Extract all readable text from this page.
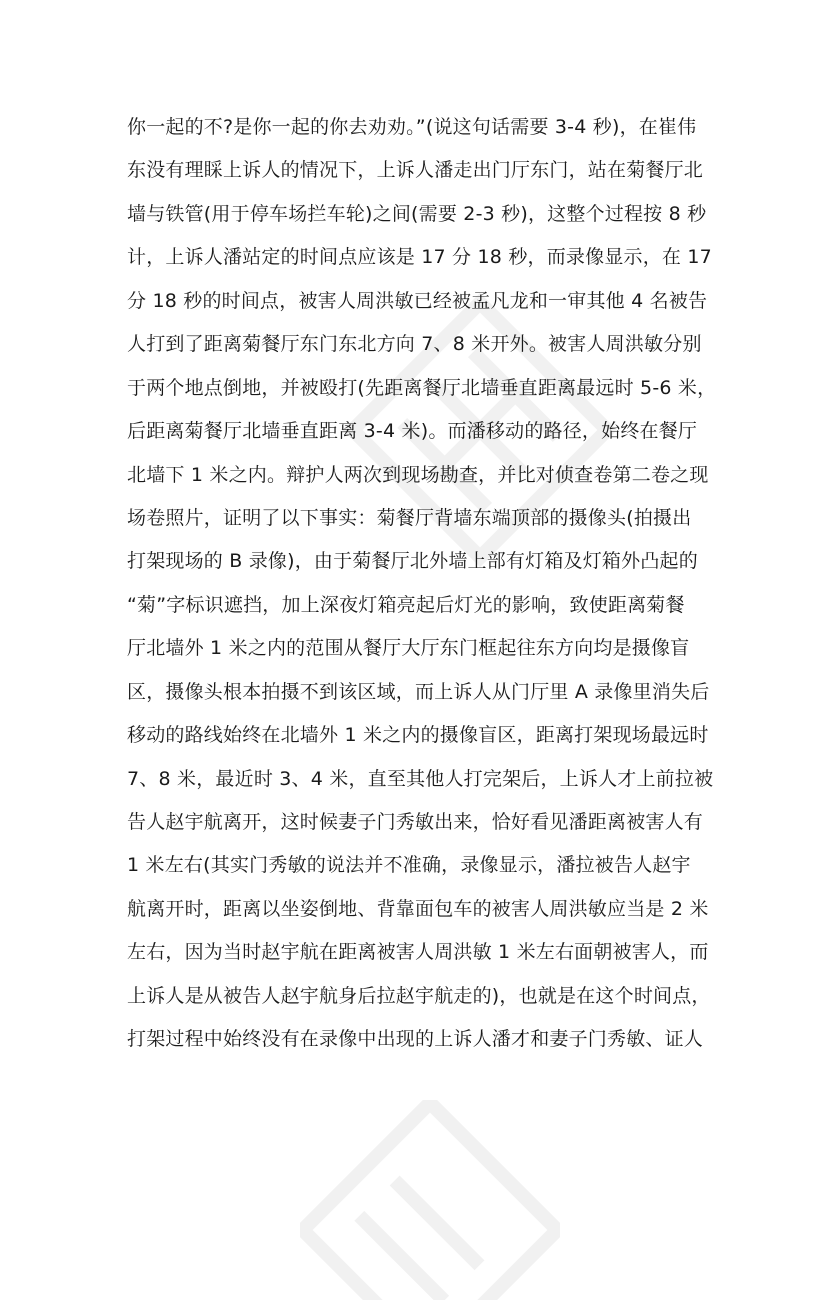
你一起的不?是你一起的你去劝劝。”(说这句话需要 3-4 秒)，在崔伟
东没有理睬上诉人的情况下，上诉人潘走出门厅东门，站在菊餐厅北
墙与铁管(用于停车场拦车轮)之间(需要 2-3 秒)，这整个过程按 8 秒
计，上诉人潘站定的时间点应该是 17 分 18 秒，而录像显示，在 17
分 18 秒的时间点，被害人周洪敏已经被孟凡龙和一审其他 4 名被告
人打到了距离菊餐厅东门东北方向 7、8 米开外。被害人周洪敏分别
于两个地点倒地，并被殴打(先距离餐厅北墙垂直距离最远时 5-6 米，
后距离菊餐厅北墙垂直距离 3-4 米)。而潘移动的路径，始终在餐厅
北墙下 1 米之内。辩护人两次到现场勘查，并比对侦查卷第二卷之现
场卷照片，证明了以下事实：菊餐厅背墙东端顶部的摄像头(拍摄出
打架现场的 B 录像)，由于菊餐厅北外墙上部有灯箱及灯箱外凸起的
“菊”字标识遮挡，加上深夜灯箱亮起后灯光的影响，致使距离菊餐
厅北墙外 1 米之内的范围从餐厅大厅东门框起往东方向均是摄像盲
区，摄像头根本拍摄不到该区域，而上诉人从门厅里 A 录像里消失后
移动的路线始终在北墙外 1 米之内的摄像盲区，距离打架现场最远时
7、8 米，最近时 3、4 米，直至其他人打完架后，上诉人才上前拉被
告人赵宇航离开，这时候妻子门秀敏出来，恰好看见潘距离被害人有
1 米左右(其实门秀敏的说法并不准确，录像显示，潘拉被告人赵宇
航离开时，距离以坐姿倒地、背靠面包车的被害人周洪敏应当是 2 米
左右，因为当时赵宇航在距离被害人周洪敏 1 米左右面朝被害人，而
上诉人是从被告人赵宇航身后拉赵宇航走的)，也就是在这个时间点，
打架过程中始终没有在录像中出现的上诉人潘才和妻子门秀敏、证人
